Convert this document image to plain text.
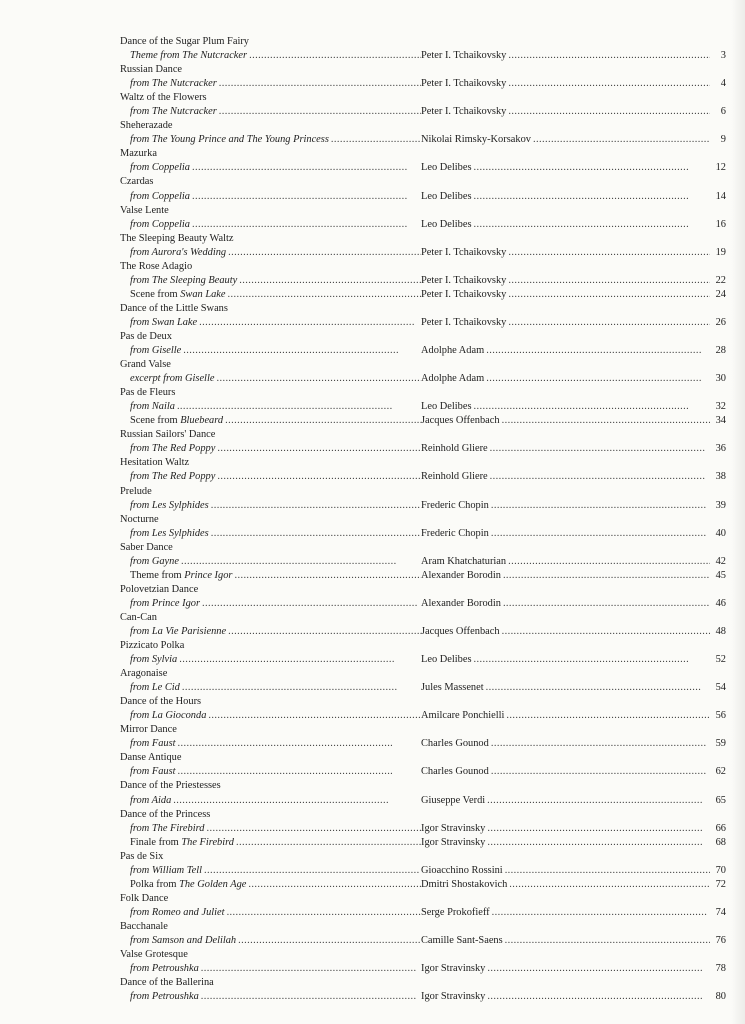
Dance of the Sugar Plum Fairy
Theme from The Nutcracker . . .	Peter I. Tchaikovsky . . .	3
Russian Dance
from The Nutcracker . . .	Peter I. Tchaikovsky . . .	4
Waltz of the Flowers
from The Nutcracker . . .	Peter I. Tchaikovsky . . .	6
Sheherazade
from The Young Prince and The Young Princess . . .	Nikolai Rimsky-Korsakov . . .	9
Mazurka
from Coppelia . . .	Leo Delibes . . .	12
Czardas
from Coppelia . . .	Leo Delibes . . .	14
Valse Lente
from Coppelia . . .	Leo Delibes . . .	16
The Sleeping Beauty Waltz
from Aurora's Wedding . . .	Peter I. Tchaikovsky . . .	19
The Rose Adagio
from The Sleeping Beauty . . .	Peter I. Tchaikovsky . . .	22
Scene from Swan Lake . . .	Peter I. Tchaikovsky . . .	24
Dance of the Little Swans
from Swan Lake . . .	Peter I. Tchaikovsky . . .	26
Pas de Deux
from Giselle . . .	Adolphe Adam . . .	28
Grand Valse
excerpt from Giselle . . .	Adolphe Adam . . .	30
Pas de Fleurs
from Naila . . .	Leo Delibes . . .	32
Scene from Bluebeard . . .	Jacques Offenbach . . .	34
Russian Sailors' Dance
from The Red Poppy . . .	Reinhold Gliere . . .	36
Hesitation Waltz
from The Red Poppy . . .	Reinhold Gliere . . .	38
Prelude
from Les Sylphides . . .	Frederic Chopin . . .	39
Nocturne
from Les Sylphides . . .	Frederic Chopin . . .	40
Saber Dance
from Gayne . . .	Aram Khatchaturian . . .	42
Theme from Prince Igor . . .	Alexander Borodin . . .	45
Polovetzian Dance
from Prince Igor . . .	Alexander Borodin . . .	46
Can-Can
from La Vie Parisienne . . .	Jacques Offenbach . . .	48
Pizzicato Polka
from Sylvia . . .	Leo Delibes . . .	52
Aragonaise
from Le Cid . . .	Jules Massenet . . .	54
Dance of the Hours
from La Gioconda . . .	Amilcare Ponchielli . . .	56
Mirror Dance
from Faust . . .	Charles Gounod . . .	59
Danse Antique
from Faust . . .	Charles Gounod . . .	62
Dance of the Priestesses
from Aida . . .	Giuseppe Verdi . . .	65
Dance of the Princess
from The Firebird . . .	Igor Stravinsky . . .	66
Finale from The Firebird . . .	Igor Stravinsky . . .	68
Pas de Six
from William Tell . . .	Gioacchino Rossini . . .	70
Polka from The Golden Age . . .	Dmitri Shostakovich . . .	72
Folk Dance
from Romeo and Juliet . . .	Serge Prokofieff . . .	74
Bacchanale
from Samson and Delilah . . .	Camille Sant-Saens . . .	76
Valse Grotesque
from Petroushka . . .	Igor Stravinsky . . .	78
Dance of the Ballerina
from Petroushka . . .	Igor Stravinsky . . .	80
